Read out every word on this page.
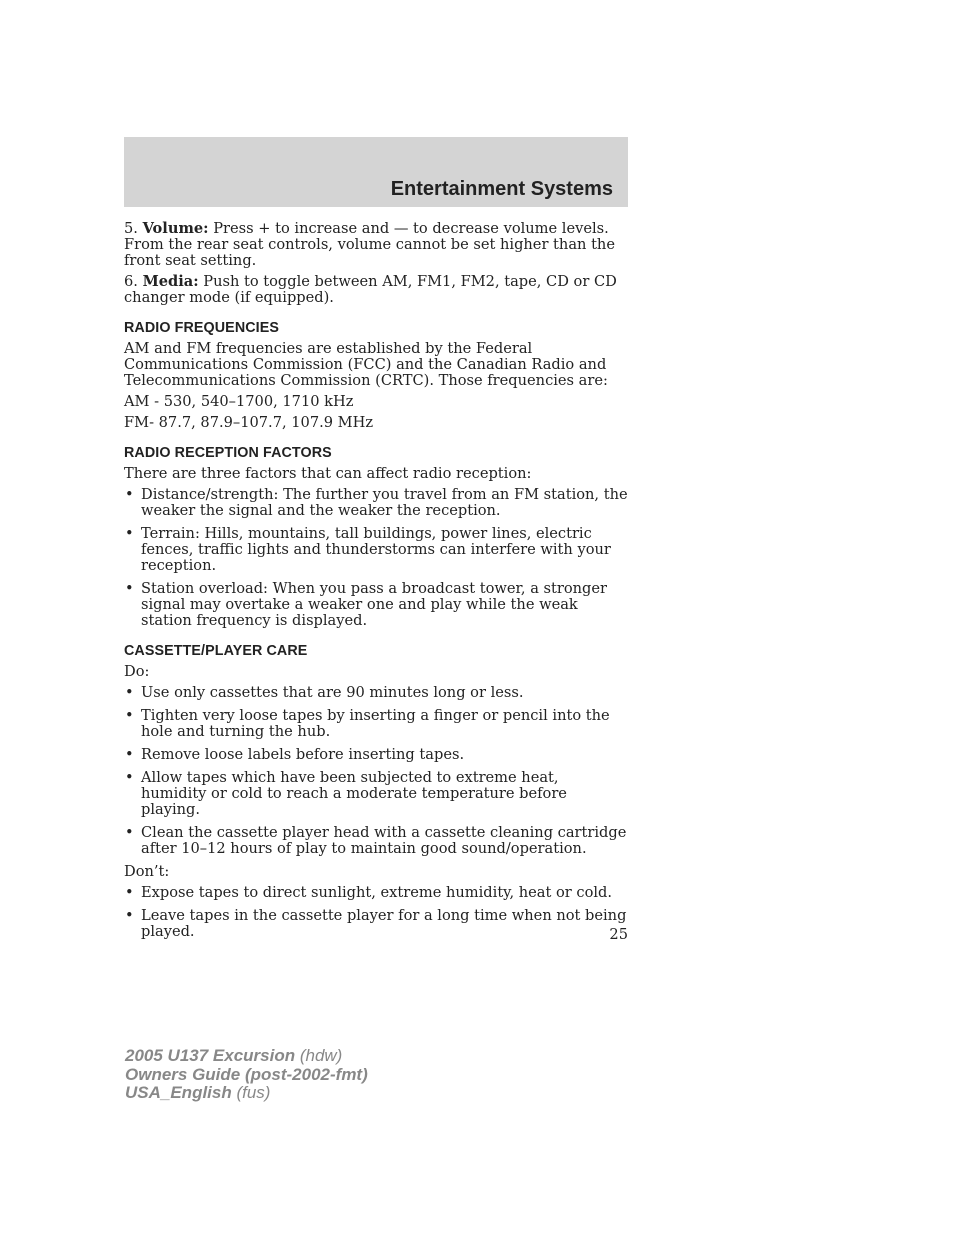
Entertainment Systems

5. Volume: Press + to increase and — to decrease volume levels. From the rear seat controls, volume cannot be set higher than the front seat setting.

6. Media: Push to toggle between AM, FM1, FM2, tape, CD or CD changer mode (if equipped).

RADIO FREQUENCIES

AM and FM frequencies are established by the Federal Communications Commission (FCC) and the Canadian Radio and Telecommunications Commission (CRTC). Those frequencies are:

AM - 530, 540–1700, 1710 kHz

FM- 87.7, 87.9–107.7, 107.9 MHz

RADIO RECEPTION FACTORS

There are three factors that can affect radio reception:

• Distance/strength: The further you travel from an FM station, the weaker the signal and the weaker the reception.
• Terrain: Hills, mountains, tall buildings, power lines, electric fences, traffic lights and thunderstorms can interfere with your reception.
• Station overload: When you pass a broadcast tower, a stronger signal may overtake a weaker one and play while the weak station frequency is displayed.
CASSETTE/PLAYER CARE

Do:

• Use only cassettes that are 90 minutes long or less.
• Tighten very loose tapes by inserting a finger or pencil into the hole and turning the hub.
• Remove loose labels before inserting tapes.
• Allow tapes which have been subjected to extreme heat, humidity or cold to reach a moderate temperature before playing.
• Clean the cassette player head with a cassette cleaning cartridge after 10–12 hours of play to maintain good sound/operation.

Don’t:

• Expose tapes to direct sunlight, extreme humidity, heat or cold.
• Leave tapes in the cassette player for a long time when not being played.	25
2005 U137 Excursion (hdw)
Owners Guide (post-2002-fmt)
USA_English (fus)
